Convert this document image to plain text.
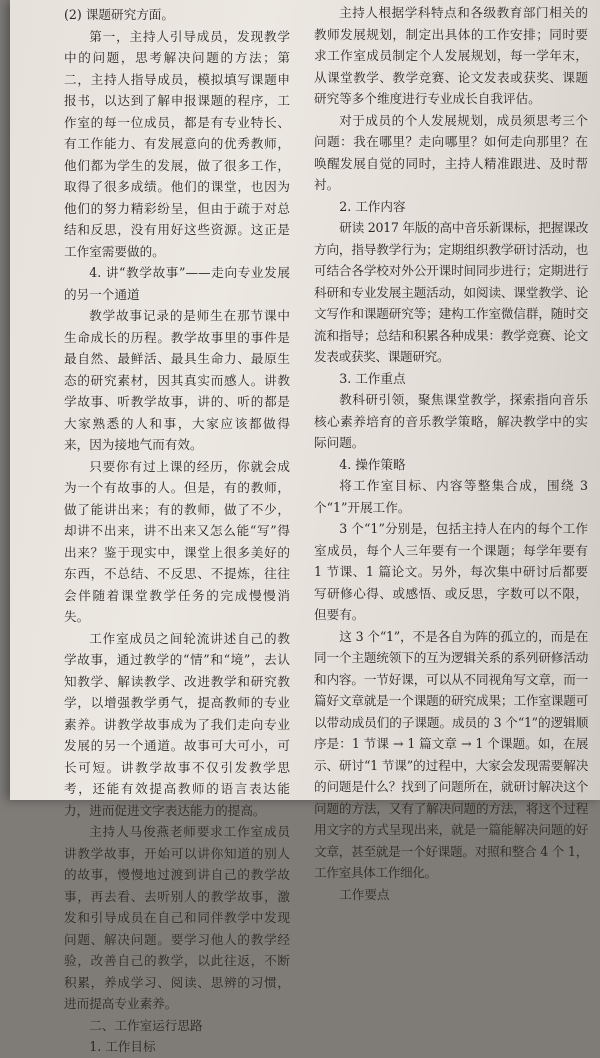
(2) 课题研究方面。

第一，主持人引导成员，发现教学中的问题，思考解决问题的方法；第二，主持人指导成员，模拟填写课题申报书，以达到了解申报课题的程序，工作室的每一位成员，都是有专业特长、有工作能力、有发展意向的优秀教师，他们都为学生的发展，做了很多工作，取得了很多成绩。他们的课堂，也因为他们的努力精彩纷呈，但由于疏于对总结和反思，没有用好这些资源。这正是工作室需要做的。

4. 讲“教学故事”——走向专业发展的另一个通道

教学故事记录的是师生在那节课中生命成长的历程。教学故事里的事件是最自然、最鲜活、最具生命力、最原生态的研究素材，因其真实而感人。讲教学故事、听教学故事，讲的、听的都是大家熟悉的人和事，大家应该都做得来，因为接地气而有效。

只要你有过上课的经历，你就会成为一个有故事的人。但是，有的教师，做了能讲出来；有的教师，做了不少，却讲不出来，讲不出来又怎么能“写”得出来？鉴于现实中，课堂上很多美好的东西，不总结、不反思、不提炼，往往会伴随着课堂教学任务的完成慢慢消失。

工作室成员之间轮流讲述自己的教学故事，通过教学的“情”和“境”，去认知教学、解读教学、改进教学和研究教学，以增强教学勇气，提高教师的专业素养。讲教学故事成为了我们走向专业发展的另一个通道。故事可大可小，可长可短。讲教学故事不仅引发教学思考，还能有效提高教师的语言表达能力，进而促进文字表达能力的提高。

主持人马俊燕老师要求工作室成员讲教学故事，开始可以讲你知道的别人的故事，慢慢地过渡到讲自己的教学故事，再去看、去听别人的教学故事，激发和引导成员在自己和同伴教学中发现问题、解决问题。要学习他人的教学经验，改善自己的教学，以此往返，不断积累，养成学习、阅读、思辨的习惯，进而提高专业素养。

二、工作室运行思路

1. 工作目标

主持人根据学科特点和各级教育部门相关的教师发展规划，制定出具体的工作安排；同时要求工作室成员制定个人发展规划，每一学年末，从课堂教学、教学竞赛、论文发表或获奖、课题研究等多个维度进行专业成长自我评估。

对于成员的个人发展规划，成员须思考三个问题：我在哪里？走向哪里？如何走向那里？在唤醒发展自觉的同时，主持人精准跟进、及时帮衬。

2. 工作内容

研读 2017 年版的高中音乐新课标，把握课改方向，指导教学行为；定期组织教学研讨活动，也可结合各学校对外公开课时间同步进行；定期进行科研和专业发展主题活动，如阅读、课堂教学、论文写作和课题研究等；建构工作室微信群，随时交流和指导；总结和积累各种成果：教学竞赛、论文发表或获奖、课题研究。

3. 工作重点

教科研引领，聚焦课堂教学，探索指向音乐核心素养培育的音乐教学策略，解决教学中的实际问题。

4. 操作策略

将工作室目标、内容等整集合成，围绕 3 个“1”开展工作。

3 个“1”分别是，包括主持人在内的每个工作室成员，每个人三年要有一个课题；每学年要有 1 节课、1 篇论文。另外，每次集中研讨后都要写研修心得、或感悟、或反思，字数可以不限，但要有。

这 3 个“1”，不是各自为阵的孤立的，而是在同一个主题统领下的互为逻辑关系的系列研修活动和内容。一节好课，可以从不同视角写文章，而一篇好文章就是一个课题的研究成果；工作室课题可以带动成员们的子课题。成员的 3 个“1”的逻辑顺序是：1 节课 → 1 篇文章 → 1 个课题。如，在展示、研讨“1 节课”的过程中，大家会发现需要解决的问题是什么？找到了问题所在，就研讨解决这个问题的方法，又有了解决问题的方法，将这个过程用文字的方式呈现出来，就是一篇能解决问题的好文章，甚至就是一个好课题。对照和整合 4 个 1，工作室具体工作细化。

工作要点
